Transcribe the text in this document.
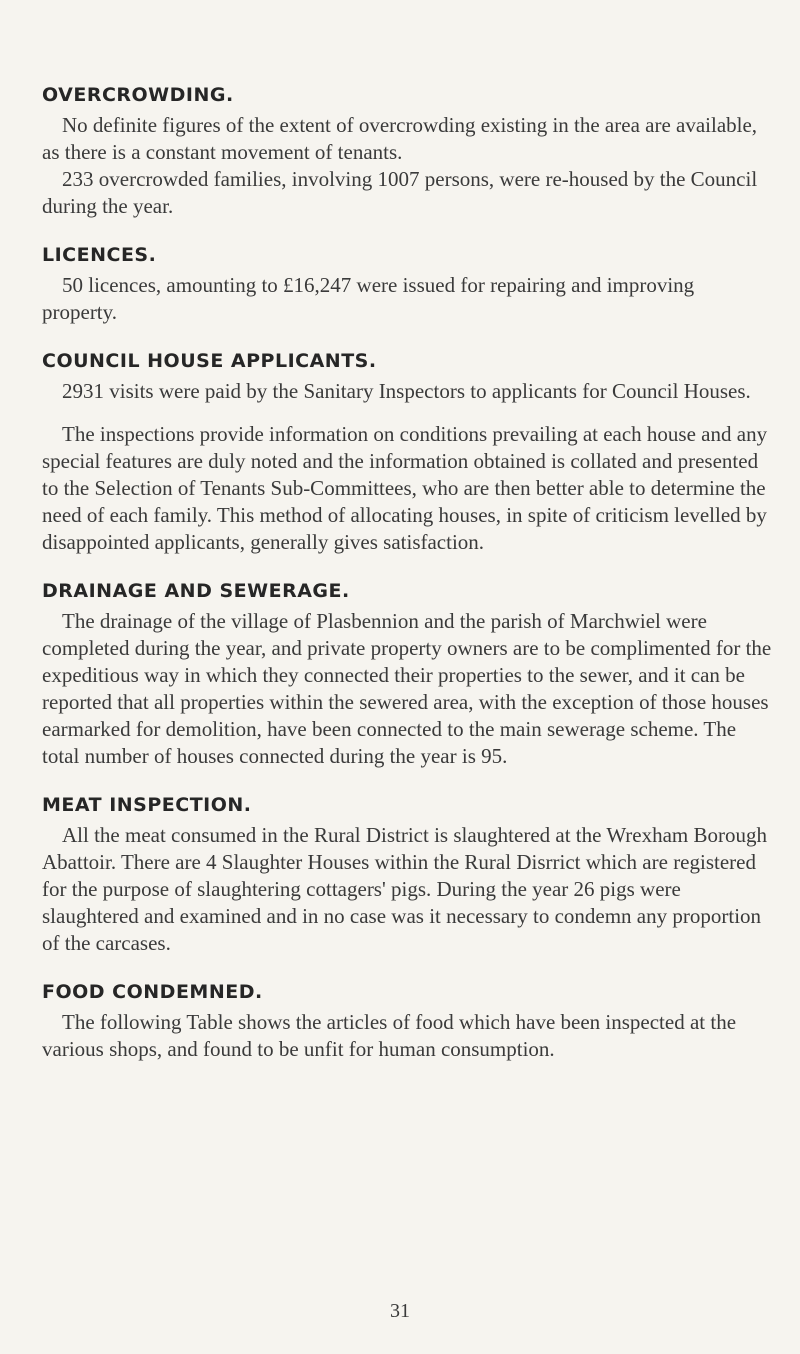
OVERCROWDING.

No definite figures of the extent of overcrowding existing in the area are available, as there is a constant movement of tenants.

233 overcrowded families, involving 1007 persons, were re-housed by the Council during the year.

LICENCES.

50 licences, amounting to £16,247 were issued for repairing and improving property.

COUNCIL HOUSE APPLICANTS.

2931 visits were paid by the Sanitary Inspectors to applicants for Council Houses.

The inspections provide information on conditions prevailing at each house and any special features are duly noted and the information obtained is collated and presented to the Selection of Tenants Sub-Committees, who are then better able to determine the need of each family. This method of allocating houses, in spite of criticism levelled by disappointed applicants, generally gives satisfaction.

DRAINAGE AND SEWERAGE.

The drainage of the village of Plasbennion and the parish of Marchwiel were completed during the year, and private property owners are to be complimented for the expeditious way in which they connected their properties to the sewer, and it can be reported that all properties within the sewered area, with the exception of those houses earmarked for demolition, have been connected to the main sewerage scheme. The total number of houses connected during the year is 95.

MEAT INSPECTION.

All the meat consumed in the Rural District is slaughtered at the Wrexham Borough Abattoir. There are 4 Slaughter Houses within the Rural Disrrict which are registered for the purpose of slaughtering cottagers' pigs. During the year 26 pigs were slaughtered and examined and in no case was it necessary to condemn any proportion of the carcases.

FOOD CONDEMNED.

The following Table shows the articles of food which have been inspected at the various shops, and found to be unfit for human consumption.

31
